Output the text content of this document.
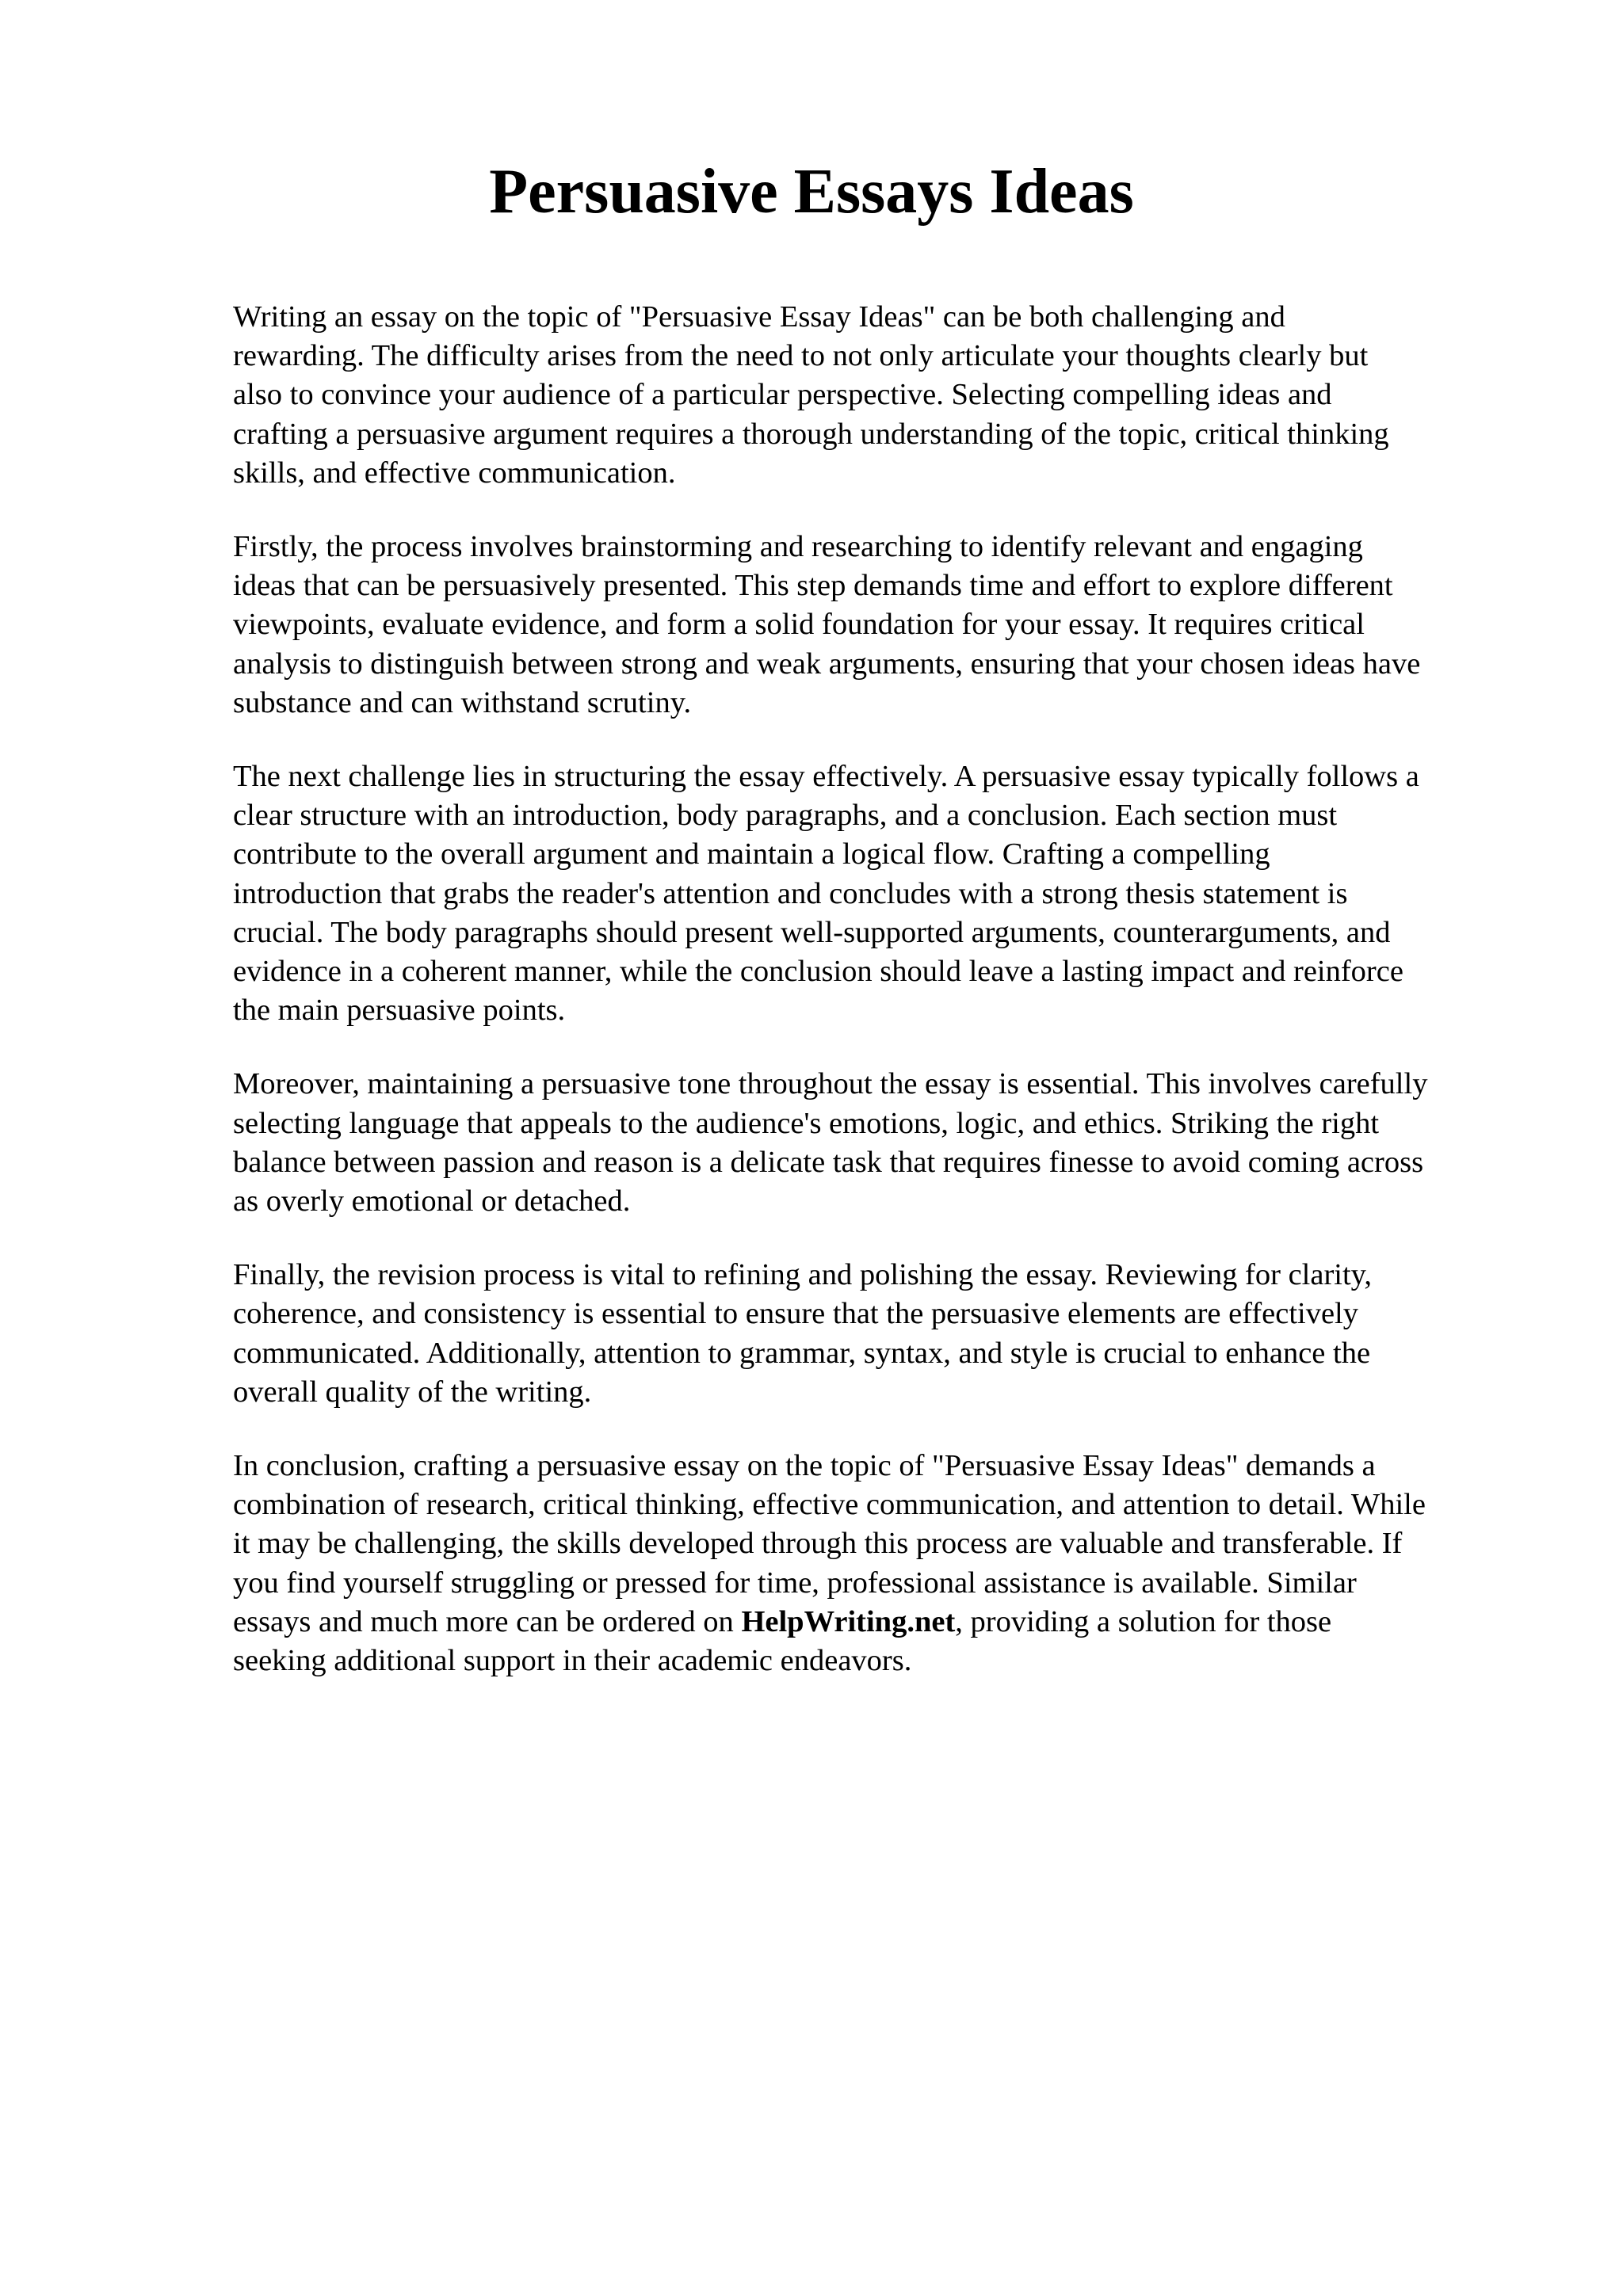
Persuasive Essays Ideas

Writing an essay on the topic of "Persuasive Essay Ideas" can be both challenging and
rewarding. The difficulty arises from the need to not only articulate your thoughts clearly but
also to convince your audience of a particular perspective. Selecting compelling ideas and
crafting a persuasive argument requires a thorough understanding of the topic, critical thinking
skills, and effective communication.

Firstly, the process involves brainstorming and researching to identify relevant and engaging
ideas that can be persuasively presented. This step demands time and effort to explore different
viewpoints, evaluate evidence, and form a solid foundation for your essay. It requires critical
analysis to distinguish between strong and weak arguments, ensuring that your chosen ideas have
substance and can withstand scrutiny.

The next challenge lies in structuring the essay effectively. A persuasive essay typically follows a
clear structure with an introduction, body paragraphs, and a conclusion. Each section must
contribute to the overall argument and maintain a logical flow. Crafting a compelling
introduction that grabs the reader's attention and concludes with a strong thesis statement is
crucial. The body paragraphs should present well-supported arguments, counterarguments, and
evidence in a coherent manner, while the conclusion should leave a lasting impact and reinforce
the main persuasive points.

Moreover, maintaining a persuasive tone throughout the essay is essential. This involves carefully
selecting language that appeals to the audience's emotions, logic, and ethics. Striking the right
balance between passion and reason is a delicate task that requires finesse to avoid coming across
as overly emotional or detached.

Finally, the revision process is vital to refining and polishing the essay. Reviewing for clarity,
coherence, and consistency is essential to ensure that the persuasive elements are effectively
communicated. Additionally, attention to grammar, syntax, and style is crucial to enhance the
overall quality of the writing.

In conclusion, crafting a persuasive essay on the topic of "Persuasive Essay Ideas" demands a
combination of research, critical thinking, effective communication, and attention to detail. While
it may be challenging, the skills developed through this process are valuable and transferable. If
you find yourself struggling or pressed for time, professional assistance is available. Similar
essays and much more can be ordered on HelpWriting.net, providing a solution for those
seeking additional support in their academic endeavors.
